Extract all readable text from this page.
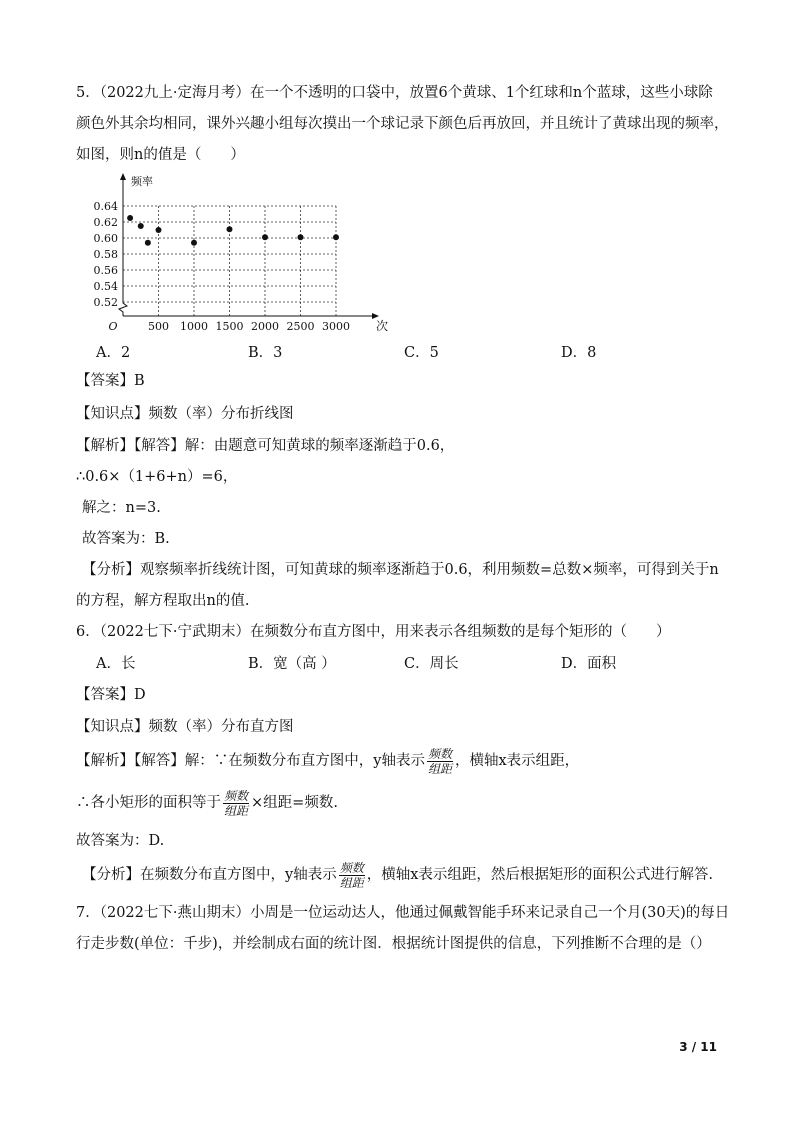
5．（2022九上·定海月考）在一个不透明的口袋中，放置6个黄球、1个红球和n个蓝球，这些小球除
颜色外其余均相同，课外兴趣小组每次摸出一个球记录下颜色后再放回，并且统计了黄球出现的频率，
如图，则n的值是（　　）
0.52
0.54
0.56
0.58
0.60
0.62
0.64
500 1000 1500 2000 2500 3000
O
频率
次
A．2	B．3	C．5	D．8
【答案】B
【知识点】频数（率）分布折线图
【解析】【解答】解：由题意可知黄球的频率逐渐趋于0.6，
∴0.6×（1+6+n）=6，
解之：n=3.
故答案为：B.
【分析】观察频率折线统计图，可知黄球的频率逐渐趋于0.6，利用频数=总数×频率，可得到关于n
的方程，解方程取出n的值.
6．（2022七下·宁武期末）在频数分布直方图中，用来表示各组频数的是每个矩形的（　　）
A．长	B．宽（高 ）	C．周长	D．面积
【答案】D
【知识点】频数（率）分布直方图
【解析】【解答】解：∵在频数分布直方图中，y轴表示 $\frac{\text{频数}}{\text{组距}}$ ，横轴x表示组距，
∴各小矩形的面积等于 $\frac{\text{频数}}{\text{组距}}$ ×组距=频数.
故答案为：D.
【分析】在频数分布直方图中，y轴表示 $\frac{\text{频数}}{\text{组距}}$ ，横轴x表示组距，然后根据矩形的面积公式进行解答.
7．（2022七下·燕山期末）小周是一位运动达人，他通过佩戴智能手环来记录自己一个月(30天)的每日
行走步数(单位：千步)，并绘制成右面的统计图．根据统计图提供的信息，下列推断不合理的是（）
3 / 11
